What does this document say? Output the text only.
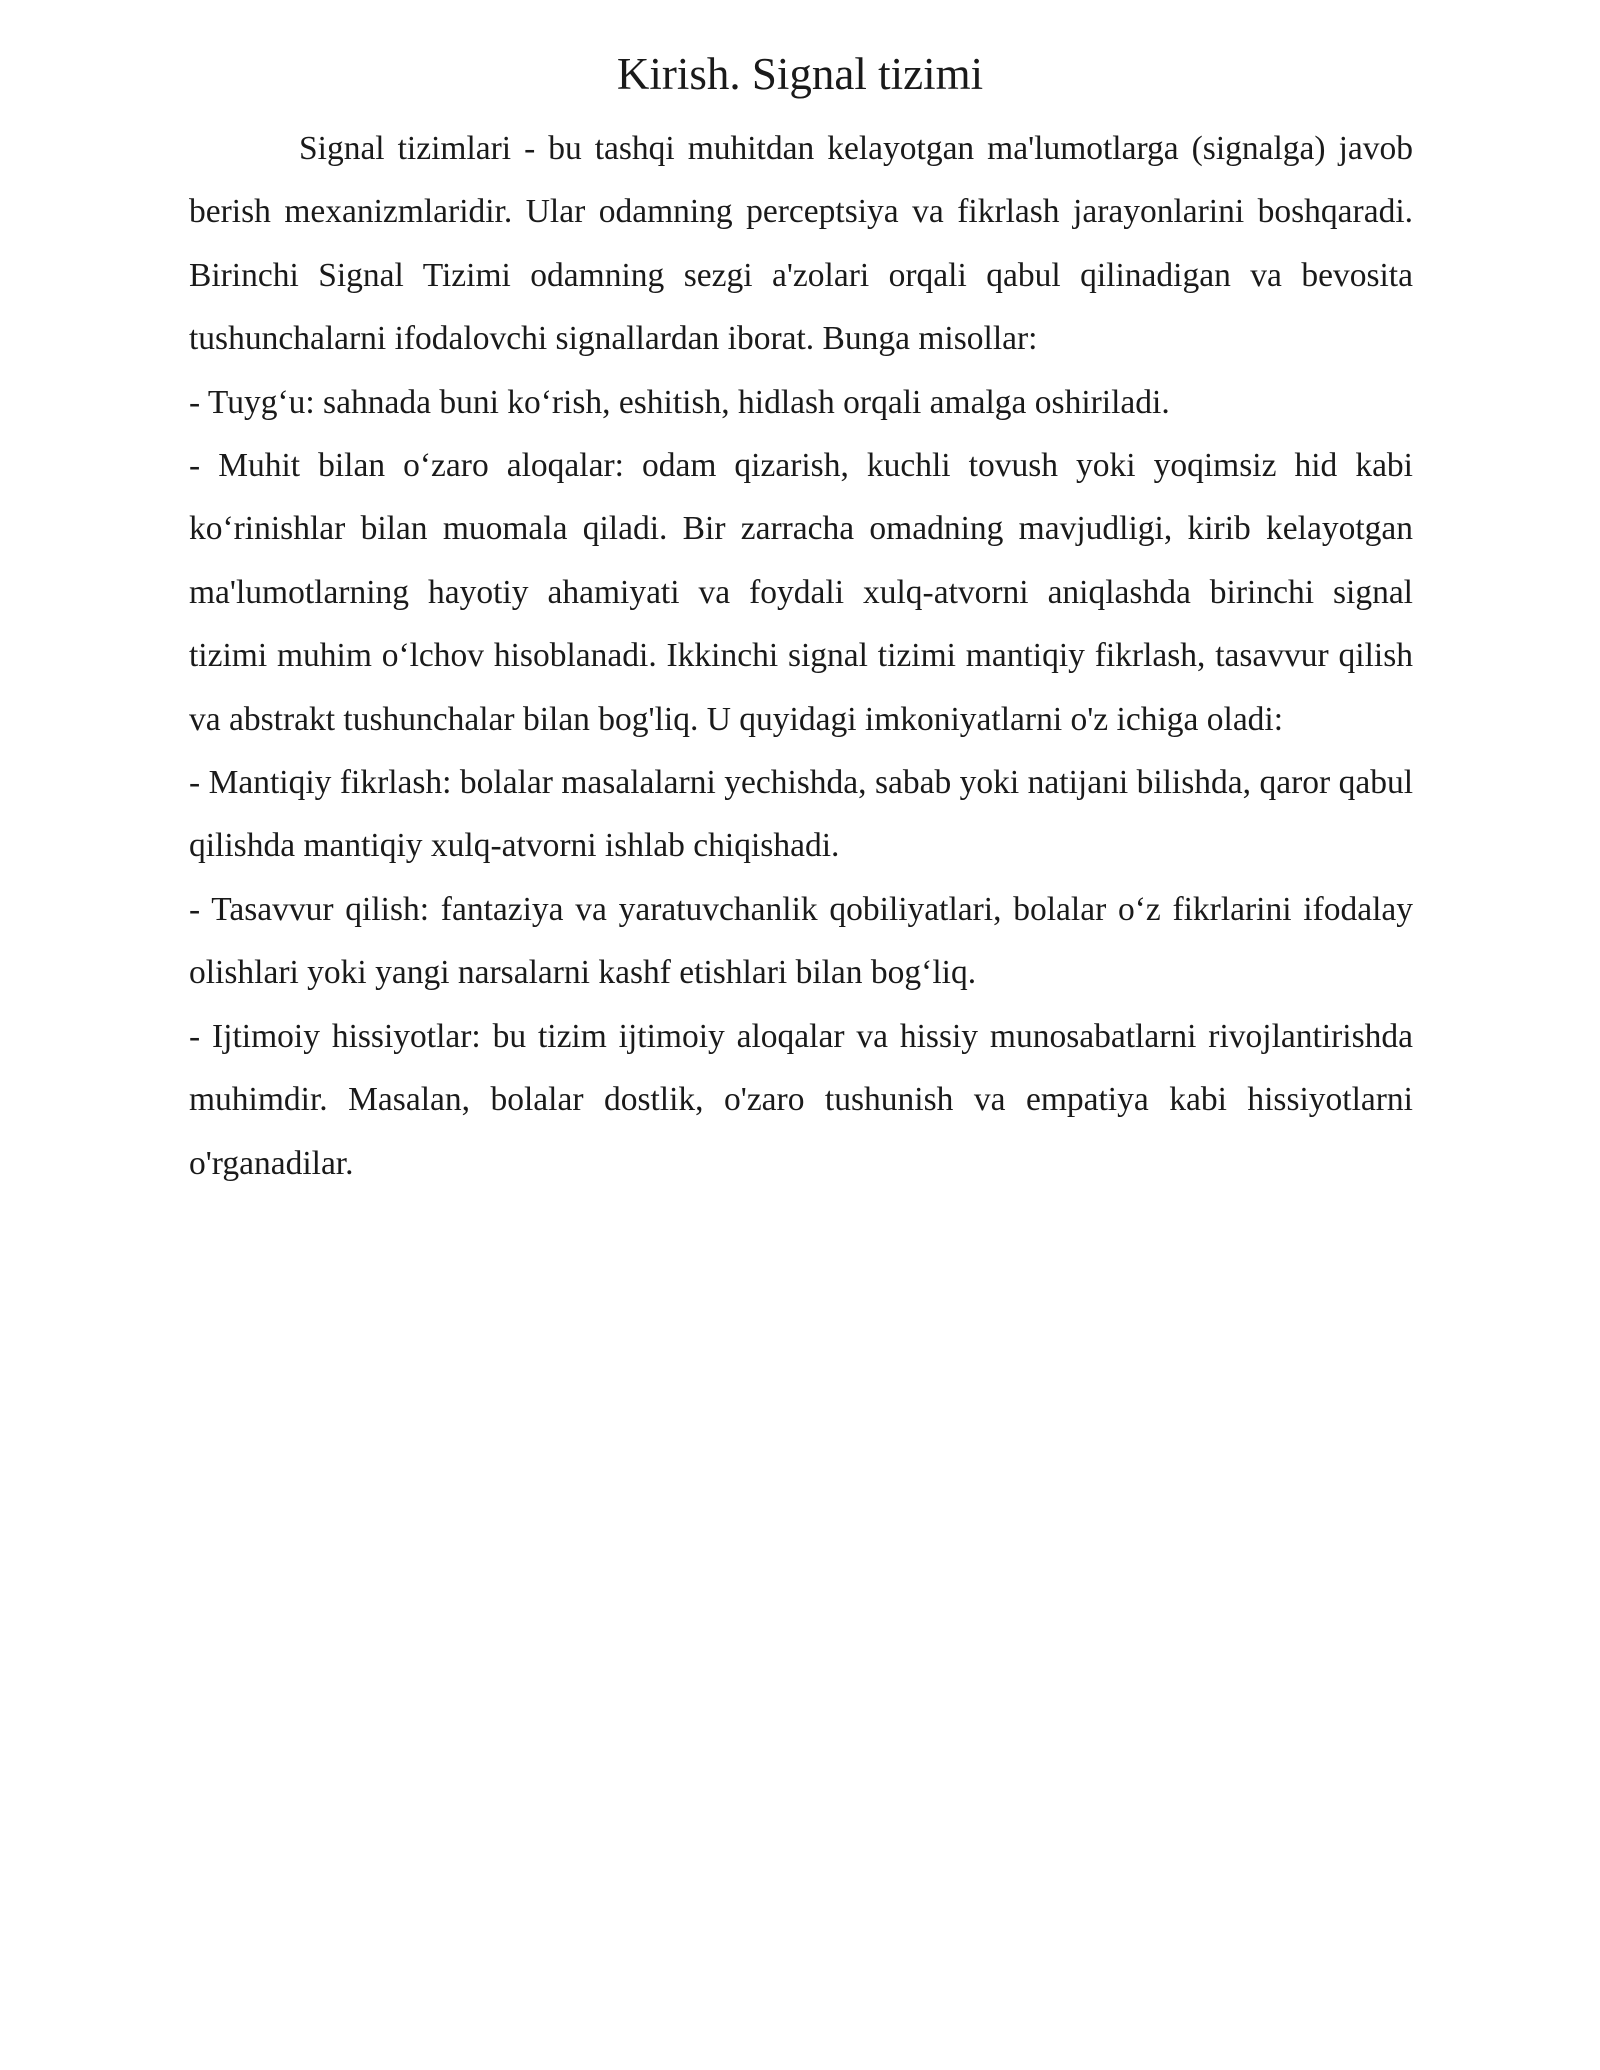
Kirish. Signal tizimi

Signal tizimlari - bu tashqi muhitdan kelayotgan ma'lumotlarga (signalga) javob berish mexanizmlaridir. Ular odamning perceptsiya va fikrlash jarayonlarini boshqaradi. Birinchi Signal Tizimi odamning sezgi a'zolari orqali qabul qilinadigan va bevosita tushunchalarni ifodalovchi signallardan iborat. Bunga misollar:

- Tuyg‘u: sahnada buni ko‘rish, eshitish, hidlash orqali amalga oshiriladi.

- Muhit bilan o‘zaro aloqalar: odam qizarish, kuchli tovush yoki yoqimsiz hid kabi ko‘rinishlar bilan muomala qiladi. Bir zarracha omadning mavjudligi, kirib kelayotgan ma'lumotlarning hayotiy ahamiyati va foydali xulq-atvorni aniqlashda birinchi signal tizimi muhim o‘lchov hisoblanadi. Ikkinchi signal tizimi mantiqiy fikrlash, tasavvur qilish va abstrakt tushunchalar bilan bog'liq. U quyidagi imkoniyatlarni o'z ichiga oladi:

- Mantiqiy fikrlash: bolalar masalalarni yechishda, sabab yoki natijani bilishda, qaror qabul qilishda mantiqiy xulq-atvorni ishlab chiqishadi.

- Tasavvur qilish: fantaziya va yaratuvchanlik qobiliyatlari, bolalar o‘z fikrlarini ifodalay olishlari yoki yangi narsalarni kashf etishlari bilan bog‘liq.

- Ijtimoiy hissiyotlar: bu tizim ijtimoiy aloqalar va hissiy munosabatlarni rivojlantirishda muhimdir. Masalan, bolalar dostlik, o'zaro tushunish va empatiya kabi hissiyotlarni o'rganadilar.
